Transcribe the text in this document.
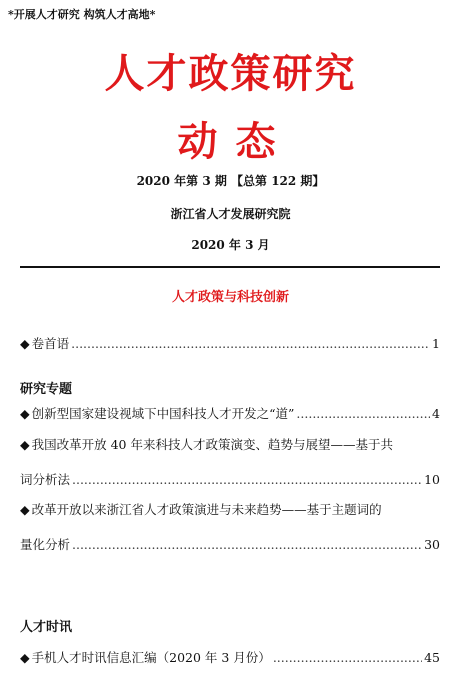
*开展人才研究 构筑人才高地*
人才政策研究
动态
2020 年第 3 期 【总第 122 期】
浙江省人才发展研究院
2020 年 3 月
人才政策与科技创新
◆ 卷首语 .....	1
研究专题
◆ 创新型国家建设视域下中国科技人才开发之“道” .....	4
◆ 我国改革开放 40 年来科技人才政策演变、趋势与展望——基于共
词分析法 .....	10
◆ 改革开放以来浙江省人才政策演进与未来趋势——基于主题词的
量化分析 .....	30
人才时讯
◆ 手机人才时讯信息汇编（2020 年 3 月份） .....	45
